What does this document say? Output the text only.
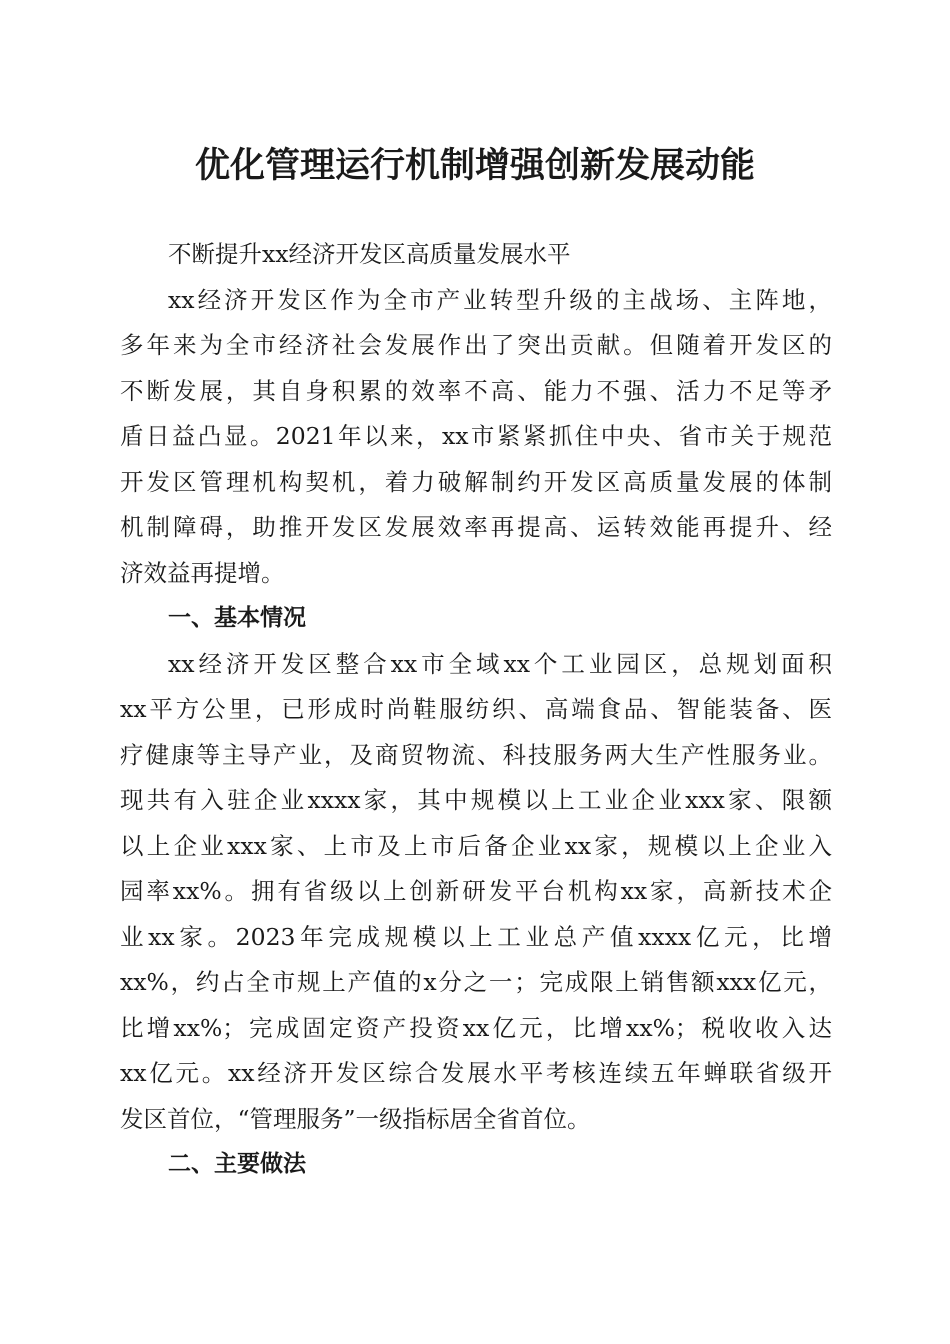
优化管理运行机制增强创新发展动能
不断提升xx经济开发区高质量发展水平
xx经济开发区作为全市产业转型升级的主战场、主阵地，
多年来为全市经济社会发展作出了突出贡献。但随着开发区的
不断发展，其自身积累的效率不高、能力不强、活力不足等矛
盾日益凸显。2021年以来，xx市紧紧抓住中央、省市关于规范
开发区管理机构契机，着力破解制约开发区高质量发展的体制
机制障碍，助推开发区发展效率再提高、运转效能再提升、经
济效益再提增。
一、基本情况
xx经济开发区整合xx市全域xx个工业园区，总规划面积
xx平方公里，已形成时尚鞋服纺织、高端食品、智能装备、医
疗健康等主导产业，及商贸物流、科技服务两大生产性服务业。
现共有入驻企业xxxx家，其中规模以上工业企业xxx家、限额
以上企业xxx家、上市及上市后备企业xx家，规模以上企业入
园率xx%。拥有省级以上创新研发平台机构xx家，高新技术企
业xx家。2023年完成规模以上工业总产值xxxx亿元，比增
xx%，约占全市规上产值的x分之一；完成限上销售额xxx亿元，
比增xx%；完成固定资产投资xx亿元，比增xx%；税收收入达
xx亿元。xx经济开发区综合发展水平考核连续五年蝉联省级开
发区首位，“管理服务”一级指标居全省首位。
二、主要做法
